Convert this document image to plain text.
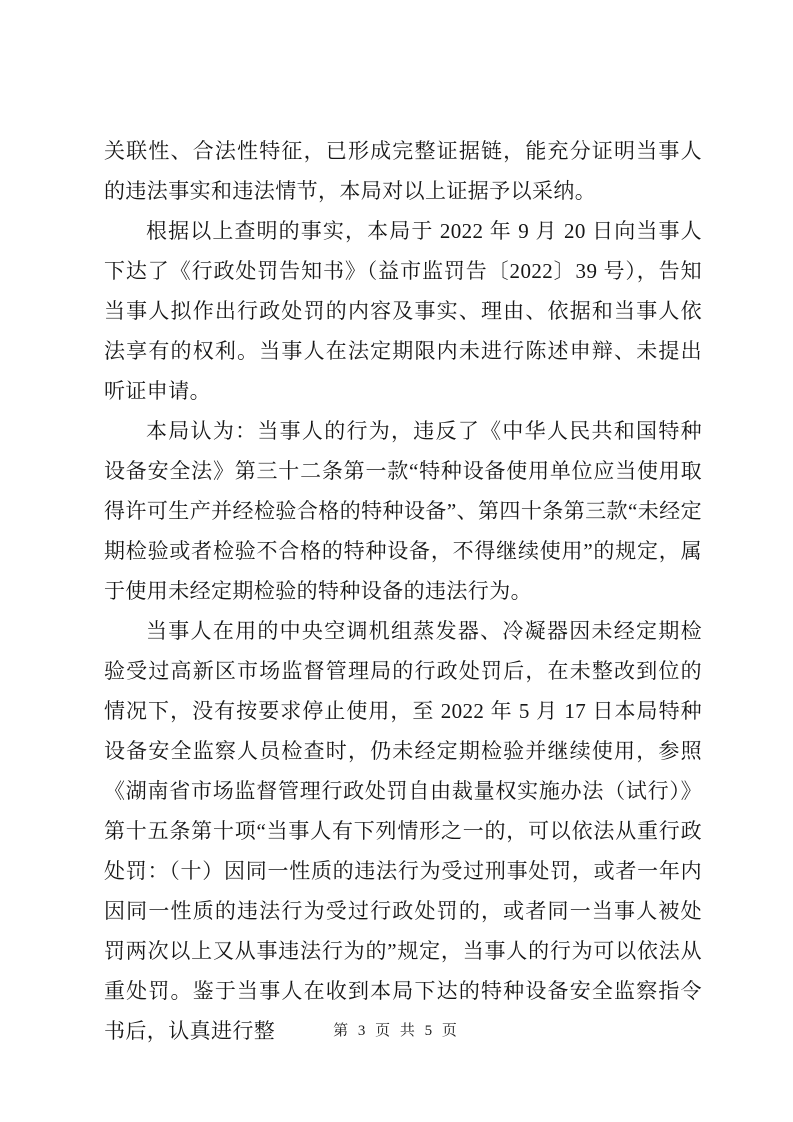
关联性、合法性特征，已形成完整证据链，能充分证明当事人的违法事实和违法情节，本局对以上证据予以采纳。

根据以上查明的事实，本局于 2022 年 9 月 20 日向当事人下达了《行政处罚告知书》（益市监罚告〔2022〕39 号），告知当事人拟作出行政处罚的内容及事实、理由、依据和当事人依法享有的权利。当事人在法定期限内未进行陈述申辩、未提出听证申请。

本局认为：当事人的行为，违反了《中华人民共和国特种设备安全法》第三十二条第一款“特种设备使用单位应当使用取得许可生产并经检验合格的特种设备”、第四十条第三款“未经定期检验或者检验不合格的特种设备，不得继续使用”的规定，属于使用未经定期检验的特种设备的违法行为。

当事人在用的中央空调机组蒸发器、冷凝器因未经定期检验受过高新区市场监督管理局的行政处罚后，在未整改到位的情况下，没有按要求停止使用，至 2022 年 5 月 17 日本局特种设备安全监察人员检查时，仍未经定期检验并继续使用，参照《湖南省市场监督管理行政处罚自由裁量权实施办法（试行）》第十五条第十项“当事人有下列情形之一的，可以依法从重行政处罚：（十）因同一性质的违法行为受过刑事处罚，或者一年内因同一性质的违法行为受过行政处罚的，或者同一当事人被处罚两次以上又从事违法行为的”规定，当事人的行为可以依法从重处罚。鉴于当事人在收到本局下达的特种设备安全监察指令书后，认真进行整	第 3 页 共 5 页
